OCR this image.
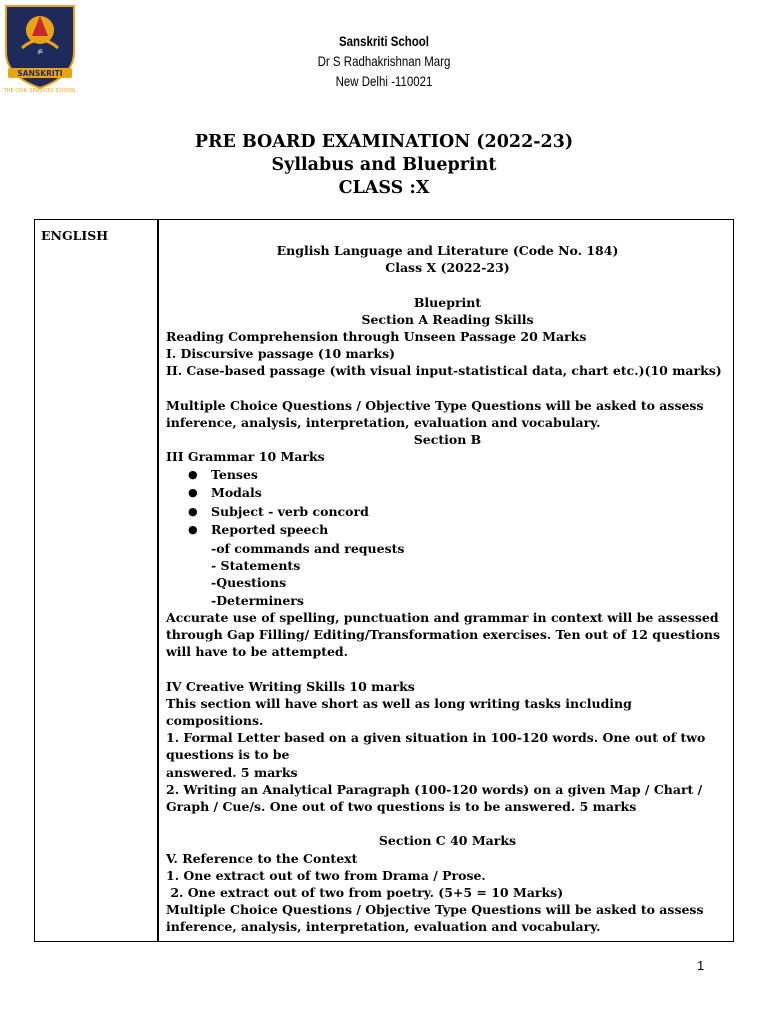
ॐ
SANSKRITI
THE CIVIL SERVICES SCHOOL
Sanskriti School
Dr S Radhakrishnan Marg
New Delhi -110021
PRE BOARD EXAMINATION (2022-23)
Syllabus and Blueprint
CLASS :X
ENGLISH

English Language and Literature (Code No. 184)
Class X (2022-23)
Blueprint
Section A Reading Skills
Reading Comprehension through Unseen Passage 20 Marks
I. Discursive passage (10 marks)
II. Case-based passage (with visual input-statistical data, chart etc.)(10 marks)
Multiple Choice Questions / Objective Type Questions will be asked to assess inference, analysis, interpretation, evaluation and vocabulary.
Section B
III Grammar 10 Marks
● Tenses
● Modals
● Subject - verb concord
● Reported speech
-of commands and requests
- Statements
-Questions
-Determiners
Accurate use of spelling, punctuation and grammar in context will be assessed through Gap Filling/ Editing/Transformation exercises. Ten out of 12 questions will have to be attempted.
IV Creative Writing Skills 10 marks
This section will have short as well as long writing tasks including compositions.
1. Formal Letter based on a given situation in 100-120 words. One out of two questions is to be
answered. 5 marks
2. Writing an Analytical Paragraph (100-120 words) on a given Map / Chart / Graph / Cue/s. One out of two questions is to be answered. 5 marks
Section C 40 Marks
V. Reference to the Context
1. One extract out of two from Drama / Prose.
2. One extract out of two from poetry. (5+5 = 10 Marks)
Multiple Choice Questions / Objective Type Questions will be asked to assess inference, analysis, interpretation, evaluation and vocabulary.
1
